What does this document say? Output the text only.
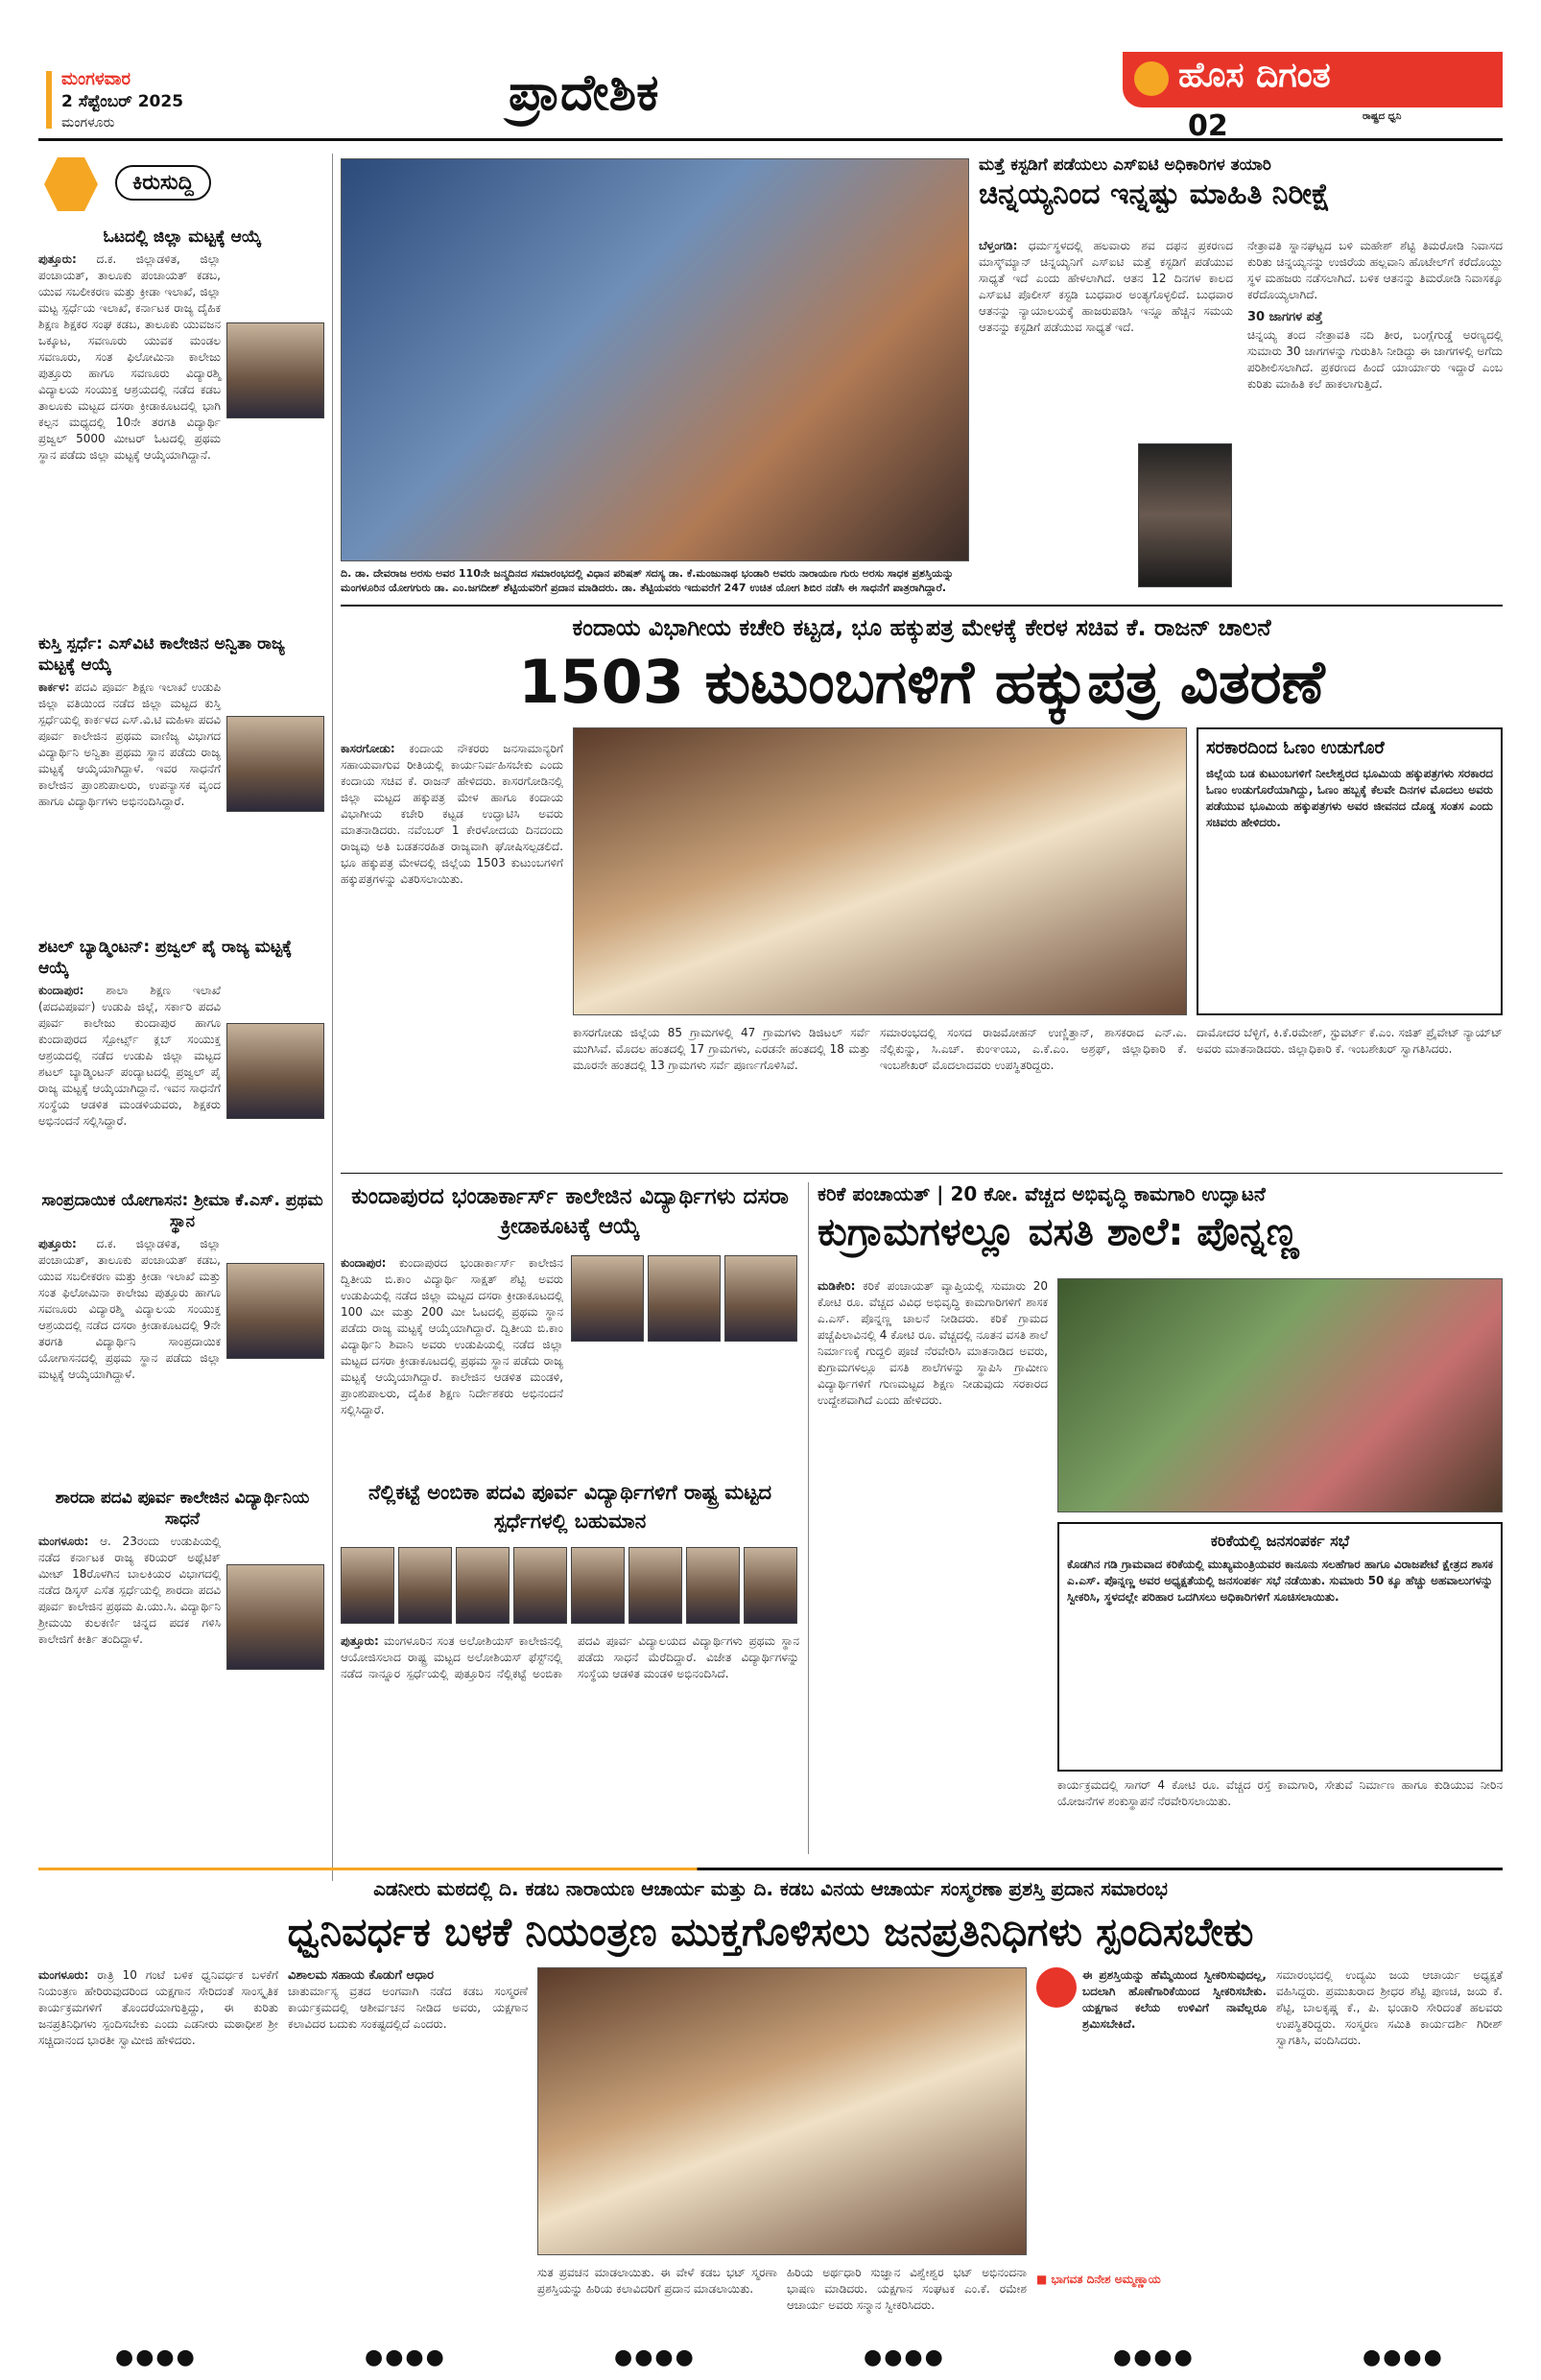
ಮಂಗಳವಾರ
2 ಸೆಪ್ಟೆಂಬರ್ 2025
ಮಂಗಳೂರು
ಪ್ರಾದೇಶಿಕ	ಹೊಸ ದಿಗಂತ
ರಾಷ್ಟ್ರದ ಧ್ವನಿ
02
ಕಿರುಸುದ್ದಿ
ಓಟದಲ್ಲಿ ಜಿಲ್ಲಾ ಮಟ್ಟಕ್ಕೆ ಆಯ್ಕೆ
ಪುತ್ತೂರು: ದ.ಕ. ಜಿಲ್ಲಾಡಳಿತ, ಜಿಲ್ಲಾ ಪಂಚಾಯತ್, ತಾಲೂಕು ಪಂಚಾಯತ್ ಕಡಬ, ಯುವ ಸಬಲೀಕರಣ ಮತ್ತು ಕ್ರೀಡಾ ಇಲಾಖೆ, ಜಿಲ್ಲಾ ಮಟ್ಟ ಸ್ಪರ್ಧೆಯ ಇಲಾಖೆ, ಕರ್ನಾಟಕ ರಾಜ್ಯ ದೈಹಿಕ ಶಿಕ್ಷಣ ಶಿಕ್ಷಕರ ಸಂಘ ಕಡಬ, ತಾಲೂಕು ಯುವಜನ ಒಕ್ಕೂಟ, ಸವಣೂರು ಯುವಕ ಮಂಡಲ ಸವಣೂರು, ಸಂತ ಫಿಲೋಮಿನಾ ಕಾಲೇಜು ಪುತ್ತೂರು ಹಾಗೂ ಸವಣೂರು ವಿದ್ಯಾರಶ್ಮಿ ವಿದ್ಯಾಲಯ ಸಂಯುಕ್ತ ಆಶ್ರಯದಲ್ಲಿ ನಡೆದ ಕಡಬ ತಾಲೂಕು ಮಟ್ಟದ ದಸರಾ ಕ್ರೀಡಾಕೂಟದಲ್ಲಿ ಭಾಗಿ ಕಲ್ಪನ ಮಧ್ಯದಲ್ಲಿ 10ನೇ ತರಗತಿ ವಿದ್ಯಾರ್ಥಿ ಪ್ರಜ್ವಲ್ 5000 ಮೀಟರ್ ಓಟದಲ್ಲಿ ಪ್ರಥಮ ಸ್ಥಾನ ಪಡೆದು ಜಿಲ್ಲಾ ಮಟ್ಟಕ್ಕೆ ಆಯ್ಕೆಯಾಗಿದ್ದಾನೆ.
ಕುಸ್ತಿ ಸ್ಪರ್ಧೆ: ಎಸ್‌ವಿಟಿ ಕಾಲೇಜಿನ ಅನ್ವಿತಾ ರಾಜ್ಯ ಮಟ್ಟಕ್ಕೆ ಆಯ್ಕೆ
ಕಾರ್ಕಳ: ಪದವಿ ಪೂರ್ವ ಶಿಕ್ಷಣ ಇಲಾಖೆ ಉಡುಪಿ ಜಿಲ್ಲಾ ವತಿಯಿಂದ ನಡೆದ ಜಿಲ್ಲಾ ಮಟ್ಟದ ಕುಸ್ತಿ ಸ್ಪರ್ಧೆಯಲ್ಲಿ ಕಾರ್ಕಳದ ಎಸ್.ವಿ.ಟಿ ಮಹಿಳಾ ಪದವಿ ಪೂರ್ವ ಕಾಲೇಜಿನ ಪ್ರಥಮ ವಾಣಿಜ್ಯ ವಿಭಾಗದ ವಿದ್ಯಾರ್ಥಿನಿ ಅನ್ವಿತಾ ಪ್ರಥಮ ಸ್ಥಾನ ಪಡೆದು ರಾಜ್ಯ ಮಟ್ಟಕ್ಕೆ ಆಯ್ಕೆಯಾಗಿದ್ದಾಳೆ. ಇವರ ಸಾಧನೆಗೆ ಕಾಲೇಜಿನ ಪ್ರಾಂಶುಪಾಲರು, ಉಪನ್ಯಾಸಕ ವೃಂದ ಹಾಗೂ ವಿದ್ಯಾರ್ಥಿಗಳು ಅಭಿನಂದಿಸಿದ್ದಾರೆ.
ಶಟಲ್ ಬ್ಯಾಡ್ಮಿಂಟನ್: ಪ್ರಜ್ವಲ್ ಪೈ ರಾಜ್ಯ ಮಟ್ಟಕ್ಕೆ ಆಯ್ಕೆ
ಕುಂದಾಪುರ: ಶಾಲಾ ಶಿಕ್ಷಣ ಇಲಾಖೆ (ಪದವಿಪೂರ್ವ) ಉಡುಪಿ ಜಿಲ್ಲೆ, ಸರ್ಕಾರಿ ಪದವಿ ಪೂರ್ವ ಕಾಲೇಜು ಕುಂದಾಪುರ ಹಾಗೂ ಕುಂದಾಪುರದ ಸ್ಪೋರ್ಟ್ಸ್ ಕ್ಲಬ್ ಸಂಯುಕ್ತ ಆಶ್ರಯದಲ್ಲಿ ನಡೆದ ಉಡುಪಿ ಜಿಲ್ಲಾ ಮಟ್ಟದ ಶಟಲ್ ಬ್ಯಾಡ್ಮಿಂಟನ್ ಪಂದ್ಯಾಟದಲ್ಲಿ ಪ್ರಜ್ವಲ್ ಪೈ ರಾಜ್ಯ ಮಟ್ಟಕ್ಕೆ ಆಯ್ಕೆಯಾಗಿದ್ದಾನೆ. ಇವನ ಸಾಧನೆಗೆ ಸಂಸ್ಥೆಯ ಆಡಳಿತ ಮಂಡಳಿಯವರು, ಶಿಕ್ಷಕರು ಅಭಿನಂದನೆ ಸಲ್ಲಿಸಿದ್ದಾರೆ.
ಸಾಂಪ್ರದಾಯಿಕ ಯೋಗಾಸನ: ಶ್ರೀಮಾ ಕೆ.ಎಸ್. ಪ್ರಥಮ ಸ್ಥಾನ
ಪುತ್ತೂರು: ದ.ಕ. ಜಿಲ್ಲಾಡಳಿತ, ಜಿಲ್ಲಾ ಪಂಚಾಯತ್, ತಾಲೂಕು ಪಂಚಾಯತ್ ಕಡಬ, ಯುವ ಸಬಲೀಕರಣ ಮತ್ತು ಕ್ರೀಡಾ ಇಲಾಖೆ ಮತ್ತು ಸಂತ ಫಿಲೋಮಿನಾ ಕಾಲೇಜು ಪುತ್ತೂರು ಹಾಗೂ ಸವಣೂರು ವಿದ್ಯಾರಶ್ಮಿ ವಿದ್ಯಾಲಯ ಸಂಯುಕ್ತ ಆಶ್ರಯದಲ್ಲಿ ನಡೆದ ದಸರಾ ಕ್ರೀಡಾಕೂಟದಲ್ಲಿ 9ನೇ ತರಗತಿ ವಿದ್ಯಾರ್ಥಿನಿ ಸಾಂಪ್ರದಾಯಿಕ ಯೋಗಾಸನದಲ್ಲಿ ಪ್ರಥಮ ಸ್ಥಾನ ಪಡೆದು ಜಿಲ್ಲಾ ಮಟ್ಟಕ್ಕೆ ಆಯ್ಕೆಯಾಗಿದ್ದಾಳೆ.
ಶಾರದಾ ಪದವಿ ಪೂರ್ವ ಕಾಲೇಜಿನ ವಿದ್ಯಾರ್ಥಿನಿಯ ಸಾಧನೆ
ಮಂಗಳೂರು: ಆ. 23ರಂದು ಉಡುಪಿಯಲ್ಲಿ ನಡೆದ ಕರ್ನಾಟಕ ರಾಜ್ಯ ಕರಿಯರ್ ಅಥ್ಲೆಟಿಕ್ ಮೀಟ್ 18ರೊಳಗಿನ ಬಾಲಕಿಯರ ವಿಭಾಗದಲ್ಲಿ ನಡೆದ ಡಿಸ್ಕಸ್ ಎಸೆತ ಸ್ಪರ್ಧೆಯಲ್ಲಿ ಶಾರದಾ ಪದವಿ ಪೂರ್ವ ಕಾಲೇಜಿನ ಪ್ರಥಮ ಪಿ.ಯು.ಸಿ. ವಿದ್ಯಾರ್ಥಿನಿ ಶ್ರೀಮಯಿ ಕುಲಕರ್ಣಿ ಚಿನ್ನದ ಪದಕ ಗಳಿಸಿ ಕಾಲೇಜಿಗೆ ಕೀರ್ತಿ ತಂದಿದ್ದಾಳೆ.
ದಿ. ಡಾ. ದೇವರಾಜ ಅರಸು ಅವರ 110ನೇ ಜನ್ಮದಿನದ ಸಮಾರಂಭದಲ್ಲಿ ವಿಧಾನ ಪರಿಷತ್ ಸದಸ್ಯ ಡಾ. ಕೆ.ಮಂಜುನಾಥ ಭಂಡಾರಿ ಅವರು ನಾರಾಯಣ ಗುರು ಅರಸು ಸಾಧಕ ಪ್ರಶಸ್ತಿಯನ್ನು ಮಂಗಳೂರಿನ ಯೋಗಗುರು ಡಾ. ಎಂ.ಜಗದೀಶ್ ಶೆಟ್ಟಿಯವರಿಗೆ ಪ್ರದಾನ ಮಾಡಿದರು. ಡಾ. ತೆಟ್ಟಿಯವರು ಇದುವರೆಗೆ 247 ಉಚಿತ ಯೋಗ ಶಿಬಿರ ನಡೆಸಿ ಈ ಸಾಧನೆಗೆ ಪಾತ್ರರಾಗಿದ್ದಾರೆ.
ಮತ್ತೆ ಕಸ್ಟಡಿಗೆ ಪಡೆಯಲು ಎಸ್‌ಐಟಿ ಅಧಿಕಾರಿಗಳ ತಯಾರಿ
ಚಿನ್ನಯ್ಯನಿಂದ ಇನ್ನಷ್ಟು ಮಾಹಿತಿ ನಿರೀಕ್ಷೆ
ಬೆಳ್ತಂಗಡಿ: ಧರ್ಮಸ್ಥಳದಲ್ಲಿ ಹಲವಾರು ಶವ ದಫನ ಪ್ರಕರಣದ ಮಾಸ್ಕ್‌ಮ್ಯಾನ್ ಚಿನ್ನಯ್ಯನಿಗೆ ಎಸ್‌ಐಟಿ ಮತ್ತೆ ಕಸ್ಟಡಿಗೆ ಪಡೆಯುವ ಸಾಧ್ಯತೆ ಇದೆ ಎಂದು ಹೇಳಲಾಗಿದೆ. ಆತನ 12 ದಿನಗಳ ಕಾಲದ ಎಸ್‌ಐಟಿ ಪೊಲೀಸ್ ಕಸ್ಟಡಿ ಬುಧವಾರ ಅಂತ್ಯಗೊಳ್ಳಲಿದೆ. ಬುಧವಾರ ಆತನನ್ನು ನ್ಯಾಯಾಲಯಕ್ಕೆ ಹಾಜರುಪಡಿಸಿ ಇನ್ನೂ ಹೆಚ್ಚಿನ ಸಮಯ ಆತನನ್ನು ಕಸ್ಟಡಿಗೆ ಪಡೆಯುವ ಸಾಧ್ಯತೆ ಇದೆ.
ನೇತ್ರಾವತಿ ಸ್ನಾನಘಟ್ಟದ ಬಳಿ ಮಹೇಶ್ ಶೆಟ್ಟಿ ತಿಮರೋಡಿ ನಿವಾಸದ ಕುರಿತು ಚಿನ್ನಯ್ಯನನ್ನು ಉಜಿರೆಯ ಹಲ್ಲವಾನಿ ಹೊಟೇಲ್‌ಗೆ ಕರೆದೊಯ್ದು ಸ್ಥಳ ಮಹಜರು ನಡೆಸಲಾಗಿದೆ. ಬಳಿಕ ಆತನನ್ನು ತಿಮರೋಡಿ ನಿವಾಸಕ್ಕೂ ಕರೆದೊಯ್ಯಲಾಗಿದೆ.
30 ಜಾಗಗಳ ಪತ್ತೆ
ಚಿನ್ನಯ್ಯ ತಂದ ನೇತ್ರಾವತಿ ನದಿ ತೀರ, ಬಂಗ್ಲೆಗುಡ್ಡೆ ಅರಣ್ಯದಲ್ಲಿ ಸುಮಾರು 30 ಜಾಗಗಳನ್ನು ಗುರುತಿಸಿ ನೀಡಿದ್ದು ಈ ಜಾಗಗಳಲ್ಲಿ ಅಗೆದು ಪರಿಶೀಲಿಸಲಾಗಿದೆ. ಪ್ರಕರಣದ ಹಿಂದೆ ಯಾರ್ಯಾರು ಇದ್ದಾರೆ ಎಂಬ ಕುರಿತು ಮಾಹಿತಿ ಕಲೆ ಹಾಕಲಾಗುತ್ತಿದೆ.
ಕಂದಾಯ ವಿಭಾಗೀಯ ಕಚೇರಿ ಕಟ್ಟಡ, ಭೂ ಹಕ್ಕುಪತ್ರ ಮೇಳಕ್ಕೆ ಕೇರಳ ಸಚಿವ ಕೆ. ರಾಜನ್ ಚಾಲನೆ
1503 ಕುಟುಂಬಗಳಿಗೆ ಹಕ್ಕುಪತ್ರ ವಿತರಣೆ
ಕಾಸರಗೋಡು: ಕಂದಾಯ ನೌಕರರು ಜನಸಾಮಾನ್ಯರಿಗೆ ಸಹಾಯವಾಗುವ ರೀತಿಯಲ್ಲಿ ಕಾರ್ಯನಿರ್ವಹಿಸಬೇಕು ಎಂದು ಕಂದಾಯ ಸಚಿವ ಕೆ. ರಾಜನ್ ಹೇಳಿದರು. ಕಾಸರಗೋಡಿನಲ್ಲಿ ಜಿಲ್ಲಾ ಮಟ್ಟದ ಹಕ್ಕುಪತ್ರ ಮೇಳ ಹಾಗೂ ಕಂದಾಯ ವಿಭಾಗೀಯ ಕಚೇರಿ ಕಟ್ಟಡ ಉದ್ಘಾಟಿಸಿ ಅವರು ಮಾತನಾಡಿದರು. ನವೆಂಬರ್ 1 ಕೇರಳೋದಯ ದಿನದಂದು ರಾಜ್ಯವು ಅತಿ ಬಡತನರಹಿತ ರಾಜ್ಯವಾಗಿ ಘೋಷಿಸಲ್ಪಡಲಿದೆ. ಭೂ ಹಕ್ಕುಪತ್ರ ಮೇಳದಲ್ಲಿ ಜಿಲ್ಲೆಯ 1503 ಕುಟುಂಬಗಳಿಗೆ ಹಕ್ಕುಪತ್ರಗಳನ್ನು ವಿತರಿಸಲಾಯಿತು.
ಕಾಸರಗೋಡು ಜಿಲ್ಲೆಯ 85 ಗ್ರಾಮಗಳಲ್ಲಿ 47 ಗ್ರಾಮಗಳು ಡಿಜಿಟಲ್ ಸರ್ವೆ ಮುಗಿಸಿವೆ. ಮೊದಲ ಹಂತದಲ್ಲಿ 17 ಗ್ರಾಮಗಳು, ಎರಡನೇ ಹಂತದಲ್ಲಿ 18 ಮತ್ತು ಮೂರನೇ ಹಂತದಲ್ಲಿ 13 ಗ್ರಾಮಗಳು ಸರ್ವೆ ಪೂರ್ಣಗೊಳಿಸಿವೆ.
ಸಮಾರಂಭದಲ್ಲಿ ಸಂಸದ ರಾಜಮೋಹನ್ ಉಣ್ಣಿತ್ತಾನ್, ಶಾಸಕರಾದ ಎನ್.ಎ. ನೆಲ್ಲಿಕುನ್ನು, ಸಿ.ಎಚ್. ಕುಂಞಂಬು, ಎ.ಕೆ.ಎಂ. ಅಶ್ರಫ್, ಜಿಲ್ಲಾಧಿಕಾರಿ ಕೆ. ಇಂಬಶೇಖರ್ ಮೊದಲಾದವರು ಉಪಸ್ಥಿತರಿದ್ದರು.
ಸರಕಾರದಿಂದ ಓಣಂ ಉಡುಗೊರೆ
ಜಿಲ್ಲೆಯ ಬಡ ಕುಟುಂಬಗಳಿಗೆ ನೀಲೇಶ್ವರದ ಭೂಮಿಯ ಹಕ್ಕುಪತ್ರಗಳು ಸರಕಾರದ ಓಣಂ ಉಡುಗೊರೆಯಾಗಿದ್ದು, ಓಣಂ ಹಬ್ಬಕ್ಕೆ ಕೆಲವೇ ದಿನಗಳ ಮೊದಲು ಅವರು ಪಡೆಯುವ ಭೂಮಿಯ ಹಕ್ಕುಪತ್ರಗಳು ಅವರ ಜೀವನದ ದೊಡ್ಡ ಸಂತಸ ಎಂದು ಸಚಿವರು ಹೇಳಿದರು.
ದಾಮೋದರ ಬೆಳ್ಳಿಗೆ, ಕಿ.ಕೆ.ರಮೇಶ್, ಸ್ಟುವರ್ಟ್ ಕೆ.ಎಂ. ಸಜಿತ್ ಪ್ರೈವೇಟ್ ನ್ಯಾಯ್‌ಟ್ ಅವರು ಮಾತನಾಡಿದರು. ಜಿಲ್ಲಾಧಿಕಾರಿ ಕೆ. ಇಂಬಶೇಖರ್ ಸ್ವಾಗತಿಸಿದರು.
ಕುಂದಾಪುರದ ಭಂಡಾರ್ಕಾರ್ಸ್ ಕಾಲೇಜಿನ ವಿದ್ಯಾರ್ಥಿಗಳು ದಸರಾ ಕ್ರೀಡಾಕೂಟಕ್ಕೆ ಆಯ್ಕೆ
ಕುಂದಾಪುರ: ಕುಂದಾಪುರದ ಭಂಡಾರ್ಕಾರ್ಸ್ ಕಾಲೇಜಿನ ದ್ವಿತೀಯ ಬಿ.ಕಾಂ ವಿದ್ಯಾರ್ಥಿ ಸಾಕ್ಷತ್ ಶೆಟ್ಟಿ ಅವರು ಉಡುಪಿಯಲ್ಲಿ ನಡೆದ ಜಿಲ್ಲಾ ಮಟ್ಟದ ದಸರಾ ಕ್ರೀಡಾಕೂಟದಲ್ಲಿ 100 ಮೀ ಮತ್ತು 200 ಮೀ ಓಟದಲ್ಲಿ ಪ್ರಥಮ ಸ್ಥಾನ ಪಡೆದು ರಾಜ್ಯ ಮಟ್ಟಕ್ಕೆ ಆಯ್ಕೆಯಾಗಿದ್ದಾರೆ. ದ್ವಿತೀಯ ಬಿ.ಕಾಂ ವಿದ್ಯಾರ್ಥಿನಿ ಶಿವಾನಿ ಅವರು ಉಡುಪಿಯಲ್ಲಿ ನಡೆದ ಜಿಲ್ಲಾ ಮಟ್ಟದ ದಸರಾ ಕ್ರೀಡಾಕೂಟದಲ್ಲಿ ಪ್ರಥಮ ಸ್ಥಾನ ಪಡೆದು ರಾಜ್ಯ ಮಟ್ಟಕ್ಕೆ ಆಯ್ಕೆಯಾಗಿದ್ದಾರೆ. ಕಾಲೇಜಿನ ಆಡಳಿತ ಮಂಡಳಿ, ಪ್ರಾಂಶುಪಾಲರು, ದೈಹಿಕ ಶಿಕ್ಷಣ ನಿರ್ದೇಶಕರು ಅಭಿನಂದನೆ ಸಲ್ಲಿಸಿದ್ದಾರೆ.
ನೆಲ್ಲಿಕಟ್ಟೆ ಅಂಬಿಕಾ ಪದವಿ ಪೂರ್ವ ವಿದ್ಯಾರ್ಥಿಗಳಿಗೆ ರಾಷ್ಟ್ರ ಮಟ್ಟದ ಸ್ಪರ್ಧೆಗಳಲ್ಲಿ ಬಹುಮಾನ
ಪುತ್ತೂರು: ಮಂಗಳೂರಿನ ಸಂತ ಅಲೋಶಿಯಸ್ ಕಾಲೇಜಿನಲ್ಲಿ ಆಯೋಜಿಸಲಾದ ರಾಷ್ಟ್ರ ಮಟ್ಟದ ಅಲೋಶಿಯಸ್ ಫೆಸ್ಟ್‌ನಲ್ಲಿ ನಡೆದ ನಾನ್ನೂರ ಸ್ಪರ್ಧೆಯಲ್ಲಿ ಪುತ್ತೂರಿನ ನೆಲ್ಲಿಕಟ್ಟೆ ಅಂಬಿಕಾ ಪದವಿ ಪೂರ್ವ ವಿದ್ಯಾಲಯದ ವಿದ್ಯಾರ್ಥಿಗಳು ಪ್ರಥಮ ಸ್ಥಾನ ಪಡೆದು ಸಾಧನೆ ಮೆರೆದಿದ್ದಾರೆ. ವಿಜೇತ ವಿದ್ಯಾರ್ಥಿಗಳನ್ನು ಸಂಸ್ಥೆಯ ಆಡಳಿತ ಮಂಡಳಿ ಅಭಿನಂದಿಸಿದೆ.
ಕರಿಕೆ ಪಂಚಾಯತ್ | 20 ಕೋ. ವೆಚ್ಚದ ಅಭಿವೃದ್ಧಿ ಕಾಮಗಾರಿ ಉದ್ಘಾಟನೆ
ಕುಗ್ರಾಮಗಳಲ್ಲೂ ವಸತಿ ಶಾಲೆ: ಪೊನ್ನಣ್ಣ
ಮಡಿಕೇರಿ: ಕರಿಕೆ ಪಂಚಾಯತ್ ವ್ಯಾಪ್ತಿಯಲ್ಲಿ ಸುಮಾರು 20 ಕೋಟಿ ರೂ. ವೆಚ್ಚದ ವಿವಿಧ ಅಭಿವೃದ್ಧಿ ಕಾಮಗಾರಿಗಳಿಗೆ ಶಾಸಕ ಎ.ಎಸ್. ಪೊನ್ನಣ್ಣ ಚಾಲನೆ ನೀಡಿದರು. ಕರಿಕೆ ಗ್ರಾಮದ ಪಚ್ಚೆಪಿಲಾವಿನಲ್ಲಿ 4 ಕೋಟಿ ರೂ. ವೆಚ್ಚದಲ್ಲಿ ನೂತನ ವಸತಿ ಶಾಲೆ ನಿರ್ಮಾಣಕ್ಕೆ ಗುದ್ದಲಿ ಪೂಜೆ ನೆರವೇರಿಸಿ ಮಾತನಾಡಿದ ಅವರು, ಕುಗ್ರಾಮಗಳಲ್ಲೂ ವಸತಿ ಶಾಲೆಗಳನ್ನು ಸ್ಥಾಪಿಸಿ ಗ್ರಾಮೀಣ ವಿದ್ಯಾರ್ಥಿಗಳಿಗೆ ಗುಣಮಟ್ಟದ ಶಿಕ್ಷಣ ನೀಡುವುದು ಸರಕಾರದ ಉದ್ದೇಶವಾಗಿದೆ ಎಂದು ಹೇಳಿದರು.
ಕರಿಕೆಯಲ್ಲಿ ಜನಸಂಪರ್ಕ ಸಭೆ
ಕೊಡಗಿನ ಗಡಿ ಗ್ರಾಮವಾದ ಕರಿಕೆಯಲ್ಲಿ ಮುಖ್ಯಮಂತ್ರಿಯವರ ಕಾನೂನು ಸಲಹೆಗಾರ ಹಾಗೂ ವಿರಾಜಪೇಟೆ ಕ್ಷೇತ್ರದ ಶಾಸಕ ಎ.ಎಸ್. ಪೊನ್ನಣ್ಣ ಅವರ ಅಧ್ಯಕ್ಷತೆಯಲ್ಲಿ ಜನಸಂಪರ್ಕ ಸಭೆ ನಡೆಯಿತು. ಸುಮಾರು 50 ಕ್ಕೂ ಹೆಚ್ಚು ಅಹವಾಲುಗಳನ್ನು ಸ್ವೀಕರಿಸಿ, ಸ್ಥಳದಲ್ಲೇ ಪರಿಹಾರ ಒದಗಿಸಲು ಅಧಿಕಾರಿಗಳಿಗೆ ಸೂಚಿಸಲಾಯಿತು.
ಕಾರ್ಯಕ್ರಮದಲ್ಲಿ ಸಾಗರ್ 4 ಕೋಟಿ ರೂ. ವೆಚ್ಚದ ರಸ್ತೆ ಕಾಮಗಾರಿ, ಸೇತುವೆ ನಿರ್ಮಾಣ ಹಾಗೂ ಕುಡಿಯುವ ನೀರಿನ ಯೋಜನೆಗಳ ಶಂಕುಸ್ಥಾಪನೆ ನೆರವೇರಿಸಲಾಯಿತು.
ಎಡನೀರು ಮಠದಲ್ಲಿ ದಿ. ಕಡಬ ನಾರಾಯಣ ಆಚಾರ್ಯ ಮತ್ತು ದಿ. ಕಡಬ ವಿನಯ ಆಚಾರ್ಯ ಸಂಸ್ಮರಣಾ ಪ್ರಶಸ್ತಿ ಪ್ರದಾನ ಸಮಾರಂಭ
ಧ್ವನಿವರ್ಧಕ ಬಳಕೆ ನಿಯಂತ್ರಣ ಮುಕ್ತಗೊಳಿಸಲು ಜನಪ್ರತಿನಿಧಿಗಳು ಸ್ಪಂದಿಸಬೇಕು
ಮಂಗಳೂರು: ರಾತ್ರಿ 10 ಗಂಟೆ ಬಳಿಕ ಧ್ವನಿವರ್ಧಕ ಬಳಕೆಗೆ ನಿಯಂತ್ರಣ ಹೇರಿರುವುದರಿಂದ ಯಕ್ಷಗಾನ ಸೇರಿದಂತೆ ಸಾಂಸ್ಕೃತಿಕ ಕಾರ್ಯಕ್ರಮಗಳಿಗೆ ತೊಂದರೆಯಾಗುತ್ತಿದ್ದು, ಈ ಕುರಿತು ಜನಪ್ರತಿನಿಧಿಗಳು ಸ್ಪಂದಿಸಬೇಕು ಎಂದು ಎಡನೀರು ಮಠಾಧೀಶ ಶ್ರೀ ಸಚ್ಚಿದಾನಂದ ಭಾರತೀ ಸ್ವಾಮೀಜಿ ಹೇಳಿದರು.
ವಿಶಾಲಮ ಸಹಾಯ ಕೊಡುಗೆ ಆಧಾರ
ಚಾತುರ್ಮಾಸ್ಯ ವ್ರತದ ಅಂಗವಾಗಿ ನಡೆದ ಕಡಬ ಸಂಸ್ಮರಣೆ ಕಾರ್ಯಕ್ರಮದಲ್ಲಿ ಆಶೀರ್ವಚನ ನೀಡಿದ ಅವರು, ಯಕ್ಷಗಾನ ಕಲಾವಿದರ ಬದುಕು ಸಂಕಷ್ಟದಲ್ಲಿದೆ ಎಂದರು.
ಸುತ ಪ್ರವಚನ ಮಾಡಲಾಯಿತು. ಈ ವೇಳೆ ಕಡಬ ಭಟ್ ಸ್ಮರಣಾ ಪ್ರಶಸ್ತಿಯನ್ನು ಹಿರಿಯ ಕಲಾವಿದರಿಗೆ ಪ್ರದಾನ ಮಾಡಲಾಯಿತು.
ಹಿರಿಯ ಅರ್ಥಧಾರಿ ಸುಜ್ಞಾನ ವಿಶ್ವೇಶ್ವರ ಭಟ್ ಅಭಿನಂದನಾ ಭಾಷಣ ಮಾಡಿದರು. ಯಕ್ಷಗಾನ ಸಂಘಟಕ ಎಂ.ಕೆ. ರಮೇಶ ಆಚಾರ್ಯ ಅವರು ಸನ್ಮಾನ ಸ್ವೀಕರಿಸಿದರು.
ಈ ಪ್ರಶಸ್ತಿಯನ್ನು ಹೆಮ್ಮೆಯಿಂದ ಸ್ವೀಕರಿಸುವುದಲ್ಲ, ಬದಲಾಗಿ ಹೊಣೆಗಾರಿಕೆಯಿಂದ ಸ್ವೀಕರಿಸಬೇಕು. ಯಕ್ಷಗಾನ ಕಲೆಯ ಉಳಿವಿಗೆ ನಾವೆಲ್ಲರೂ ಶ್ರಮಿಸಬೇಕಿದೆ.
■ ಭಾಗವತ ದಿನೇಶ ಅಮ್ಮಣ್ಣಾಯ
ಸಮಾರಂಭದಲ್ಲಿ ಉದ್ಯಮಿ ಜಯ ಆಚಾರ್ಯ ಅಧ್ಯಕ್ಷತೆ ವಹಿಸಿದ್ದರು. ಪ್ರಮುಖರಾದ ಶ್ರೀಧರ ಶೆಟ್ಟಿ ಪುಣಚ, ಜಯ ಕೆ. ಶೆಟ್ಟಿ, ಬಾಲಕೃಷ್ಣ ಕೆ., ಪಿ. ಭಂಡಾರಿ ಸೇರಿದಂತೆ ಹಲವರು ಉಪಸ್ಥಿತರಿದ್ದರು. ಸಂಸ್ಮರಣ ಸಮಿತಿ ಕಾರ್ಯದರ್ಶಿ ಗಿರೀಶ್ ಸ್ವಾಗತಿಸಿ, ವಂದಿಸಿದರು.
●●●●	●●●●	●●●●	●●●●	●●●●	●●●●
